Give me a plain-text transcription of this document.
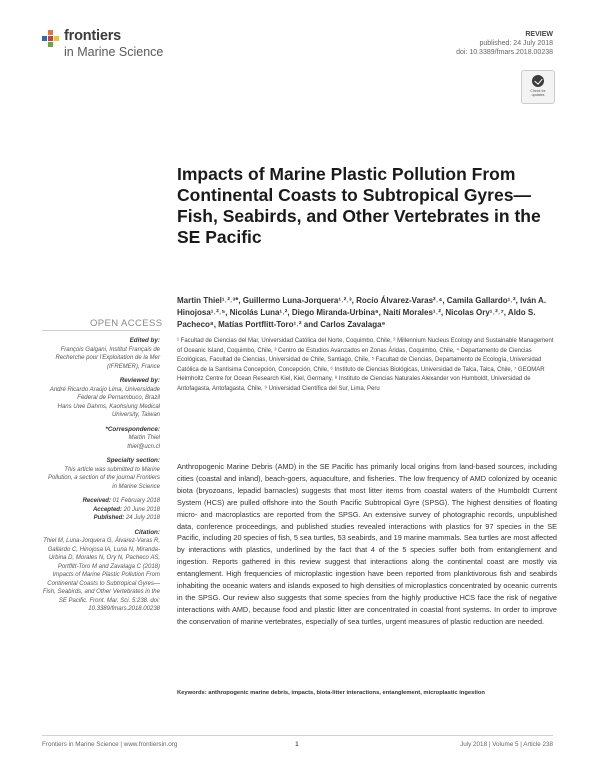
frontiers
in Marine Science
REVIEW
published: 24 July 2018
doi: 10.3389/fmars.2018.00238
Check for
updates
Impacts of Marine Plastic Pollution From Continental Coasts to Subtropical Gyres—Fish, Seabirds, and Other Vertebrates in the SE Pacific
Martin Thiel¹˒²˒³*, Guillermo Luna-Jorquera¹˒²˒³, Rocío Álvarez-Varas²˒⁴, Camila Gallardo¹˒², Iván A. Hinojosa¹˒²˒⁵, Nicolás Luna¹˒², Diego Miranda-Urbina⁶, Naití Morales¹˒², Nicolas Ory¹˒²˒⁷, Aldo S. Pacheco⁸, Matías Portflitt-Toro¹˒² and Carlos Zavalaga⁹
OPEN ACCESS
¹ Facultad de Ciencias del Mar, Universidad Católica del Norte, Coquimbo, Chile, ² Millennium Nucleus Ecology and Sustainable Management of Oceanic Island, Coquimbo, Chile, ³ Centro de Estudios Avanzados en Zonas Áridas, Coquimbo, Chile, ⁴ Departamento de Ciencias Ecológicas, Facultad de Ciencias, Universidad de Chile, Santiago, Chile, ⁵ Facultad de Ciencias, Departamento de Ecología, Universidad Católica de la Santísima Concepción, Concepción, Chile, ⁶ Instituto de Ciencias Biológicas, Universidad de Talca, Talca, Chile, ⁷ GEOMAR Helmholtz Centre for Ocean Research Kiel, Kiel, Germany, ⁸ Instituto de Ciencias Naturales Alexander von Humboldt, Universidad de Antofagasta, Antofagasta, Chile, ⁹ Universidad Científica del Sur, Lima, Peru
Edited by:
François Galgani, Institut Français de Recherche pour l'Exploitation de la Mer (IFREMER), France
Reviewed by:
André Ricardo Araújo Lima, Universidade Federal de Pernambuco, Brazil
Hans Uwe Dahms, Kaohsiung Medical University, Taiwan
*Correspondence:
Martin Thiel
thiel@ucn.cl
Specialty section:
This article was submitted to Marine Pollution, a section of the journal Frontiers in Marine Science
Received: 01 February 2018
Accepted: 20 June 2018
Published: 24 July 2018
Citation:
Thiel M, Luna-Jorquera G, Álvarez-Varas R, Gallardo C, Hinojosa IA, Luna N, Miranda-Urbina D, Morales N, Ory N, Pacheco AS, Portflitt-Toro M and Zavalaga C (2018) Impacts of Marine Plastic Pollution From Continental Coasts to Subtropical Gyres—Fish, Seabirds, and Other Vertebrates in the SE Pacific. Front. Mar. Sci. 5:238. doi: 10.3389/fmars.2018.00238
Anthropogenic Marine Debris (AMD) in the SE Pacific has primarily local origins from land-based sources, including cities (coastal and inland), beach-goers, aquaculture, and fisheries. The low frequency of AMD colonized by oceanic biota (bryozoans, lepadid barnacles) suggests that most litter items from coastal waters of the Humboldt Current System (HCS) are pulled offshore into the South Pacific Subtropical Gyre (SPSG). The highest densities of floating micro- and macroplastics are reported from the SPSG. An extensive survey of photographic records, unpublished data, conference proceedings, and published studies revealed interactions with plastics for 97 species in the SE Pacific, including 20 species of fish, 5 sea turtles, 53 seabirds, and 19 marine mammals. Sea turtles are most affected by interactions with plastics, underlined by the fact that 4 of the 5 species suffer both from entanglement and ingestion. Reports gathered in this review suggest that interactions along the continental coast are mostly via entanglement. High frequencies of microplastic ingestion have been reported from planktivorous fish and seabirds inhabiting the oceanic waters and islands exposed to high densities of microplastics concentrated by oceanic currents in the SPSG. Our review also suggests that some species from the highly productive HCS face the risk of negative interactions with AMD, because food and plastic litter are concentrated in coastal front systems. In order to improve the conservation of marine vertebrates, especially of sea turtles, urgent measures of plastic reduction are needed.
Keywords: anthropogenic marine debris, impacts, biota-litter interactions, entanglement, microplastic ingestion
Frontiers in Marine Science | www.frontiersin.org	1	July 2018 | Volume 5 | Article 238
